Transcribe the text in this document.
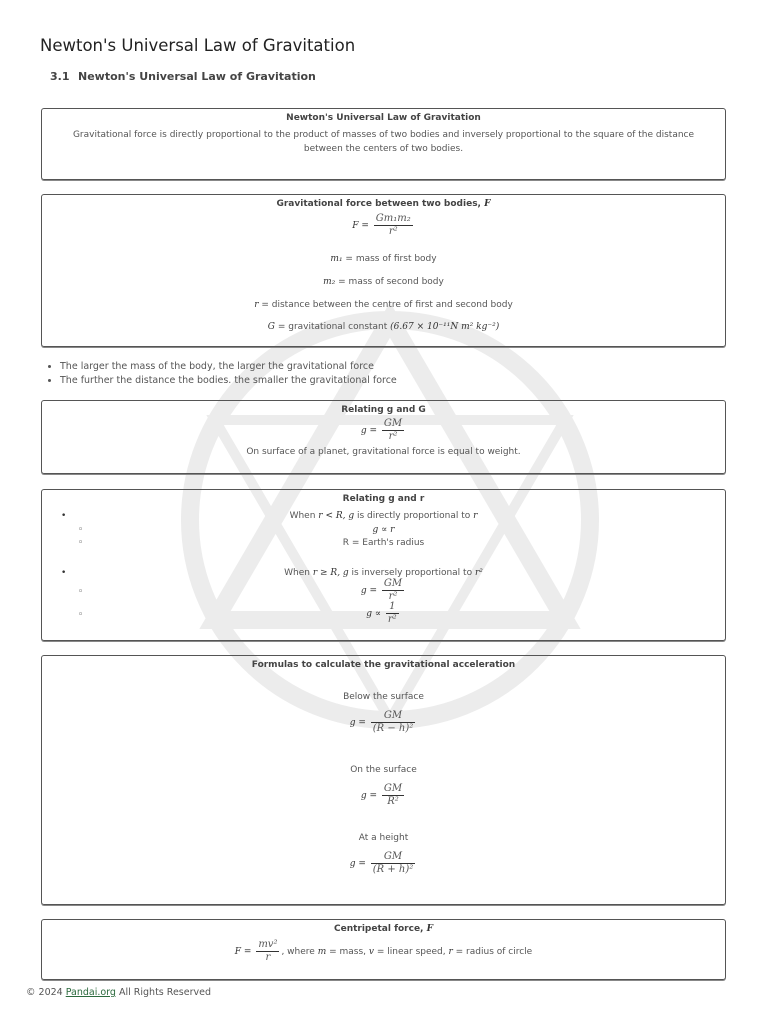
Newton's Universal Law of Gravitation
3.1 Newton's Universal Law of Gravitation
Newton's Universal Law of Gravitation
Gravitational force is directly proportional to the product of masses of two bodies and inversely proportional to the square of the distance
between the centers of two bodies.
Gravitational force between two bodies, F
$F = \frac{\text{Gm₁m₂}}{\text{r²}}$
m₁ = mass of first body
m₂ = mass of second body
r = distance between the centre of first and second body
G = gravitational constant (6.67 × 10⁻¹¹N m² kg⁻²)
• The larger the mass of the body, the larger the gravitational force
• The further the distance the bodies. the smaller the gravitational force
Relating g and G
$g = \frac{GM}{\text{r²}}$
On surface of a planet, gravitational force is equal to weight.
Relating g and r
•	When r < R, g is directly proportional to r
◦	g ∝ r
◦	R = Earth's radius
•	When r ≥ R, g is inversely proportional to r²
◦	$g = \frac{GM}{\text{r²}}$
◦	$g \propto \frac{1}{\text{r²}}$
Formulas to calculate the gravitational acceleration
Below the surface
$g = \frac{GM}{\text{(R − h)²}}$
On the surface
$g = \frac{GM}{\text{R²}}$
At a height
$g = \frac{GM}{\text{(R + h)²}}$
Centripetal force, F
$F = \frac{\text{mv²}}{r}$ , where m = mass, v = linear speed, r = radius of circle
© 2024 Pandai.org All Rights Reserved
